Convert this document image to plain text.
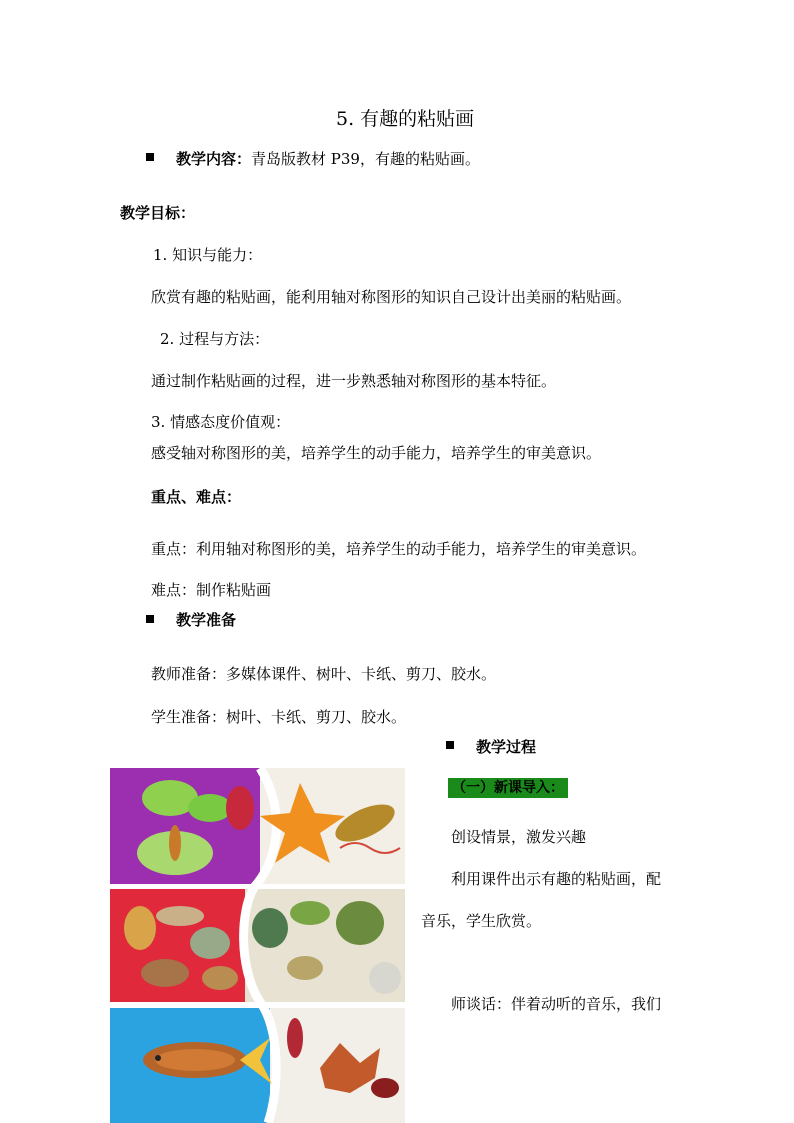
5. 有趣的粘贴画
教学内容：青岛版教材 P39，有趣的粘贴画。
教学目标：
1. 知识与能力：
欣赏有趣的粘贴画，能利用轴对称图形的知识自己设计出美丽的粘贴画。
2. 过程与方法：
通过制作粘贴画的过程，进一步熟悉轴对称图形的基本特征。
3. 情感态度价值观：
感受轴对称图形的美，培养学生的动手能力，培养学生的审美意识。
重点、难点：
重点：利用轴对称图形的美，培养学生的动手能力，培养学生的审美意识。
难点：制作粘贴画
教学准备
教师准备：多媒体课件、树叶、卡纸、剪刀、胶水。
学生准备：树叶、卡纸、剪刀、胶水。
教学过程
（一）新课导入：
创设情景，激发兴趣
利用课件出示有趣的粘贴画，配
音乐，学生欣赏。
师谈话：伴着动听的音乐，我们
